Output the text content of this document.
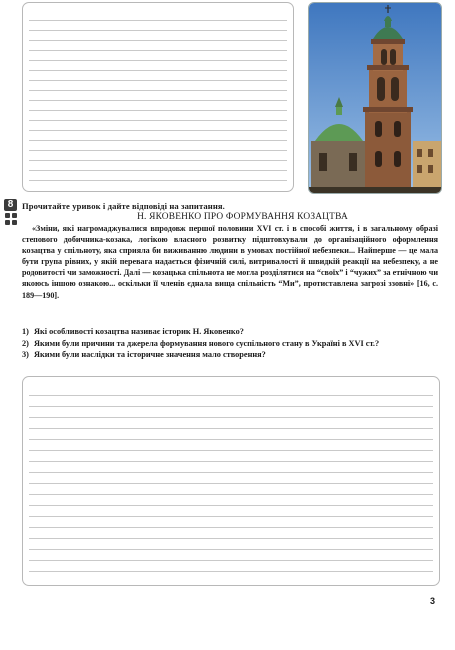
8	Прочитайте уривок і дайте відповіді на запитання.
Н. ЯКОВЕНКО ПРО ФОРМУВАННЯ КОЗАЦТВА

«Зміни, які нагромаджувалися впродовж першої половини XVI ст. і в способі життя, і в загальному образі степового добичника-козака, логікою власного розвитку підштовхували до організаційного оформлення козацтва у спільноту, яка сприяла би виживанню людини в умовах постійної небезпеки... Найперше — це мала бути група рівних, у якій перевага надається фізичній силі, витривалості й швидкій реакції на небезпеку, а не родовитості чи заможності. Далі — козацька спільнота не могла розділятися на “своїх” і “чужих” за етнічною чи якоюсь іншою ознакою... оскільки її членів єднала вища спільність “Ми”, протиставлена загрозі ззовні» [16, с. 189—190].

1) Які особливості козацтва називає історик Н. Яковенко?
2) Якими були причини та джерела формування нового суспільного стану в Україні в XVI ст.?
3) Якими були наслідки та історичне значення мало створення?
3
